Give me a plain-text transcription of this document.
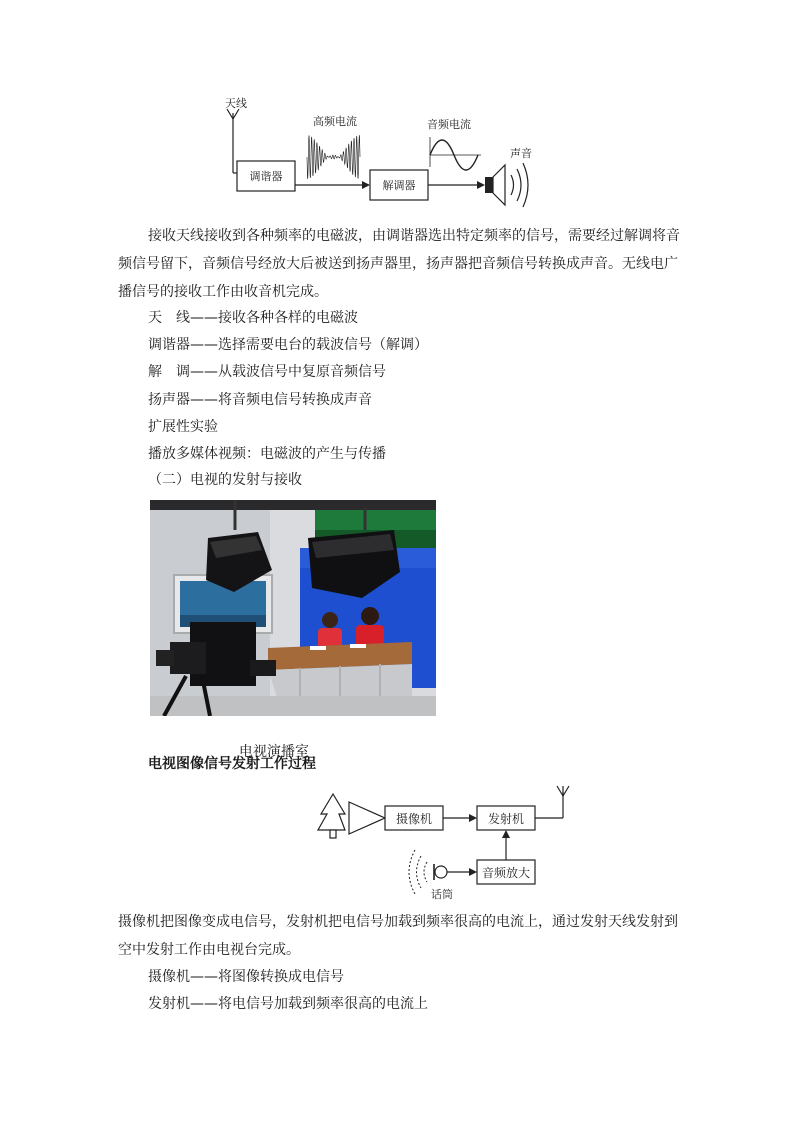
天线
调谐器
高频电流
解调器
音频电流
声音

接收天线接收到各种频率的电磁波，由调谐器选出特定频率的信号，需要经过解调将音

频信号留下，音频信号经放大后被送到扬声器里，扬声器把音频信号转换成声音。无线电广

播信号的接收工作由收音机完成。

天　线——接收各种各样的电磁波

调谐器——选择需要电台的载波信号（解调）

解　调——从载波信号中复原音频信号

扬声器——将音频电信号转换成声音

扩展性实验

播放多媒体视频：电磁波的产生与传播

（二）电视的发射与接收

电视演播室

电视图像信号发射工作过程

摄像机	发射机
音频放大
话筒

摄像机把图像变成电信号，发射机把电信号加载到频率很高的电流上，通过发射天线发射到

空中发射工作由电视台完成。

摄像机——将图像转换成电信号

发射机——将电信号加载到频率很高的电流上
